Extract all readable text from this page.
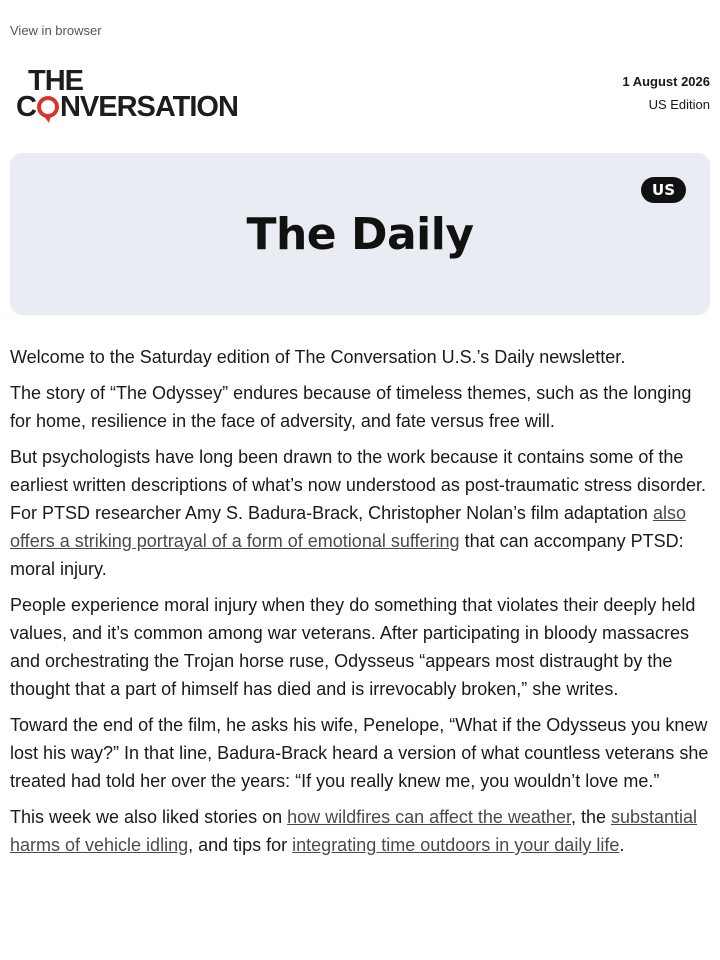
View in browser
THE
C NVERSATION
1 August 2026
US Edition
US
The Daily

Welcome to the Saturday edition of The Conversation U.S.’s Daily newsletter.

The story of “The Odyssey” endures because of timeless themes, such as the longing for home, resilience in the face of adversity, and fate versus free will.

But psychologists have long been drawn to the work because it contains some of the earliest written descriptions of what’s now understood as post-traumatic stress disorder. For PTSD researcher Amy S. Badura-Brack, Christopher Nolan’s film adaptation also offers a striking portrayal of a form of emotional suffering that can accompany PTSD: moral injury.

People experience moral injury when they do something that violates their deeply held values, and it’s common among war veterans. After participating in bloody massacres and orchestrating the Trojan horse ruse, Odysseus “appears most distraught by the thought that a part of himself has died and is irrevocably broken,” she writes.

Toward the end of the film, he asks his wife, Penelope, “What if the Odysseus you knew lost his way?” In that line, Badura-Brack heard a version of what countless veterans she treated had told her over the years: “If you really knew me, you wouldn’t love me.”

This week we also liked stories on how wildfires can affect the weather, the substantial harms of vehicle idling, and tips for integrating time outdoors in your daily life.
